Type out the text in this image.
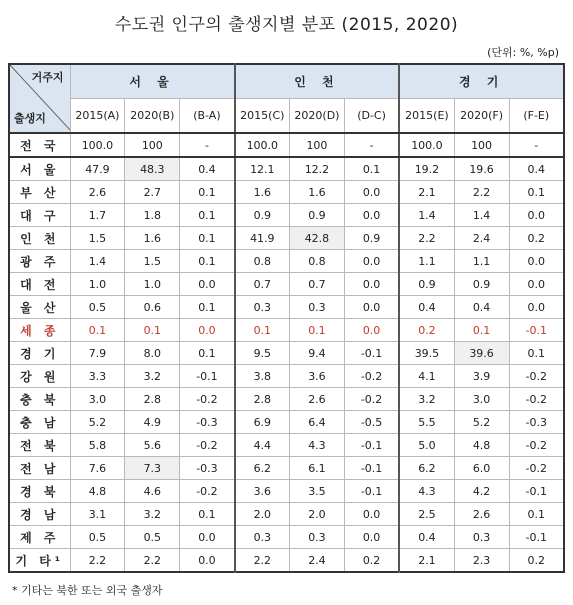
수도권 인구의 출생지별 분포 (2015, 2020)
(단위: %, %p)
거주지
출생지	서 울			인 천			경 기		
	2015(A)	2020(B)	(B-A)	2015(C)	2020(D)	(D-C)	2015(E)	2020(F)	(F-E)
전 국	100.0	100	-	100.0	100	-	100.0	100	-
서 울	47.9	48.3	0.4	12.1	12.2	0.1	19.2	19.6	0.4
부 산	2.6	2.7	0.1	1.6	1.6	0.0	2.1	2.2	0.1
대 구	1.7	1.8	0.1	0.9	0.9	0.0	1.4	1.4	0.0
인 천	1.5	1.6	0.1	41.9	42.8	0.9	2.2	2.4	0.2
광 주	1.4	1.5	0.1	0.8	0.8	0.0	1.1	1.1	0.0
대 전	1.0	1.0	0.0	0.7	0.7	0.0	0.9	0.9	0.0
울 산	0.5	0.6	0.1	0.3	0.3	0.0	0.4	0.4	0.0
세 종	0.1	0.1	0.0	0.1	0.1	0.0	0.2	0.1	-0.1
경 기	7.9	8.0	0.1	9.5	9.4	-0.1	39.5	39.6	0.1
강 원	3.3	3.2	-0.1	3.8	3.6	-0.2	4.1	3.9	-0.2
충 북	3.0	2.8	-0.2	2.8	2.6	-0.2	3.2	3.0	-0.2
충 남	5.2	4.9	-0.3	6.9	6.4	-0.5	5.5	5.2	-0.3
전 북	5.8	5.6	-0.2	4.4	4.3	-0.1	5.0	4.8	-0.2
전 남	7.6	7.3	-0.3	6.2	6.1	-0.1	6.2	6.0	-0.2
경 북	4.8	4.6	-0.2	3.6	3.5	-0.1	4.3	4.2	-0.1
경 남	3.1	3.2	0.1	2.0	2.0	0.0	2.5	2.6	0.1
제 주	0.5	0.5	0.0	0.3	0.3	0.0	0.4	0.3	-0.1
기 타¹	2.2	2.2	0.0	2.2	2.4	0.2	2.1	2.3	0.2
* 기타는 북한 또는 외국 출생자
